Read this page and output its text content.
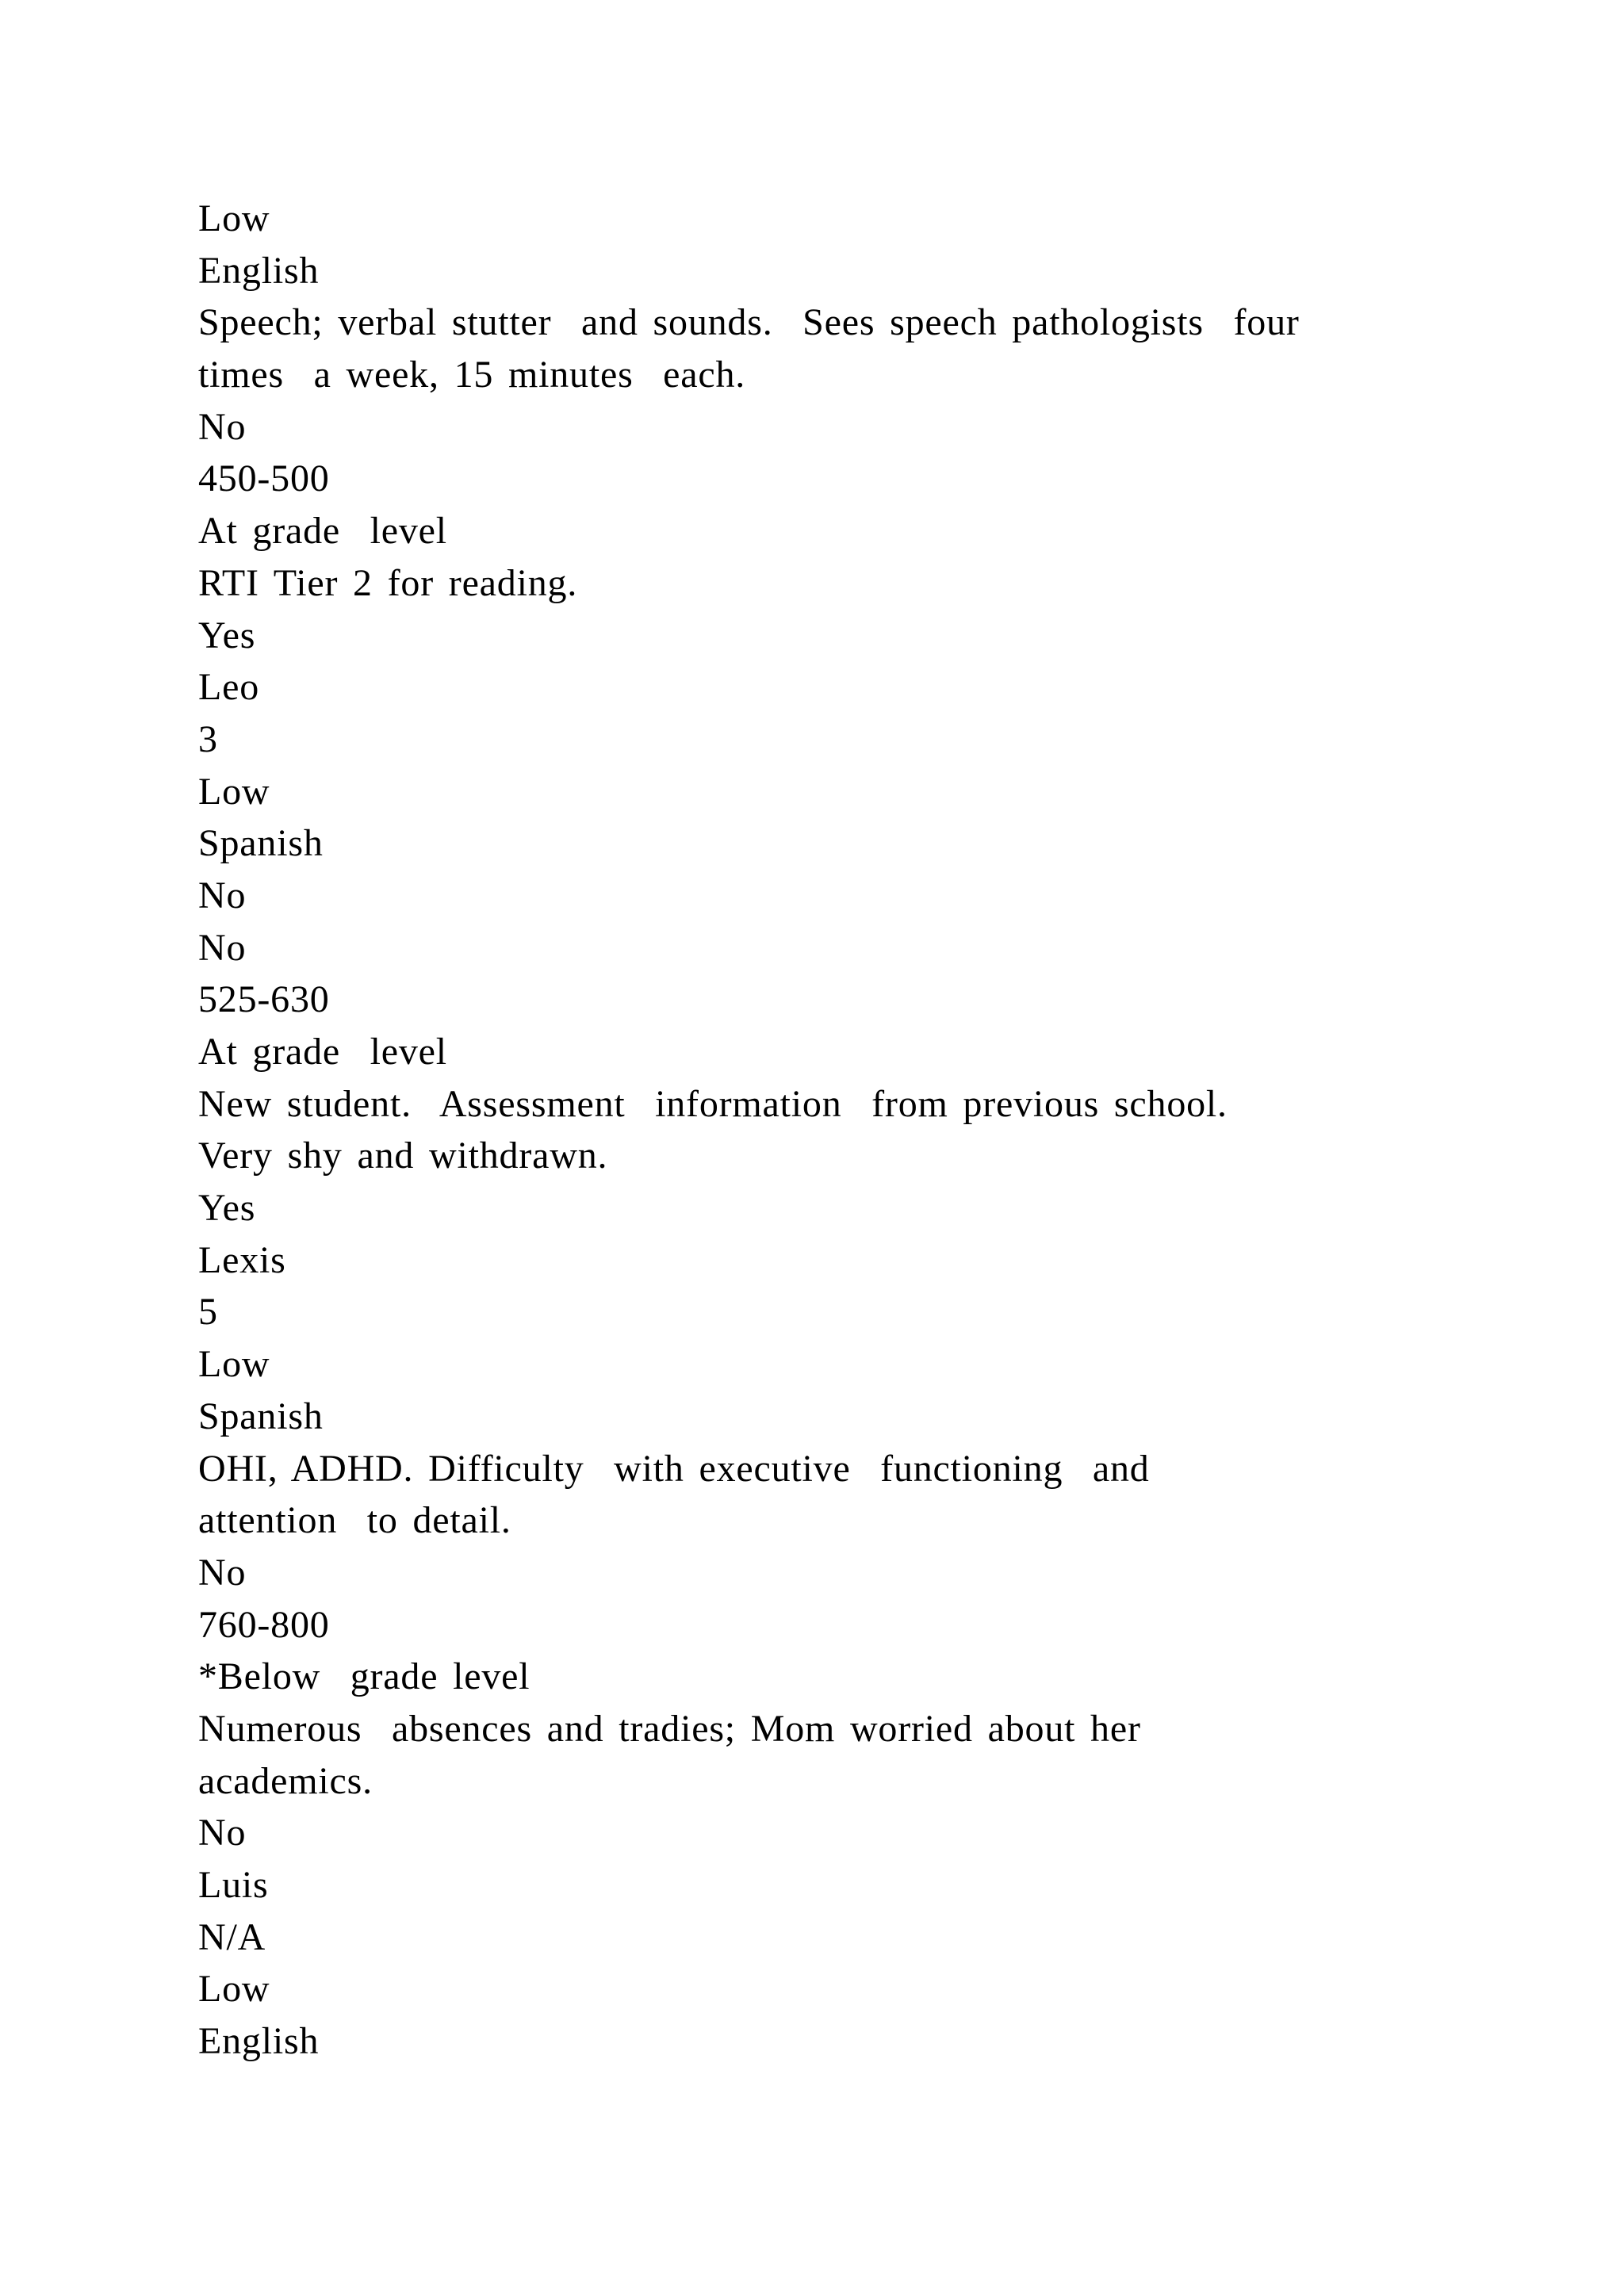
Low
English
Speech; verbal stutter  and sounds.  Sees speech pathologists  four
times  a week, 15 minutes  each.
No
450-500
At grade  level
RTI Tier 2 for reading.
Yes
Leo
3
Low
Spanish
No
No
525-630
At grade  level
New student.  Assessment  information  from previous school.
Very shy and withdrawn.
Yes
Lexis
5
Low
Spanish
OHI, ADHD. Difficulty  with executive  functioning  and
attention  to detail.
No
760-800
*Below  grade level
Numerous  absences and tradies; Mom worried about her
academics.
No
Luis
N/A
Low
English
